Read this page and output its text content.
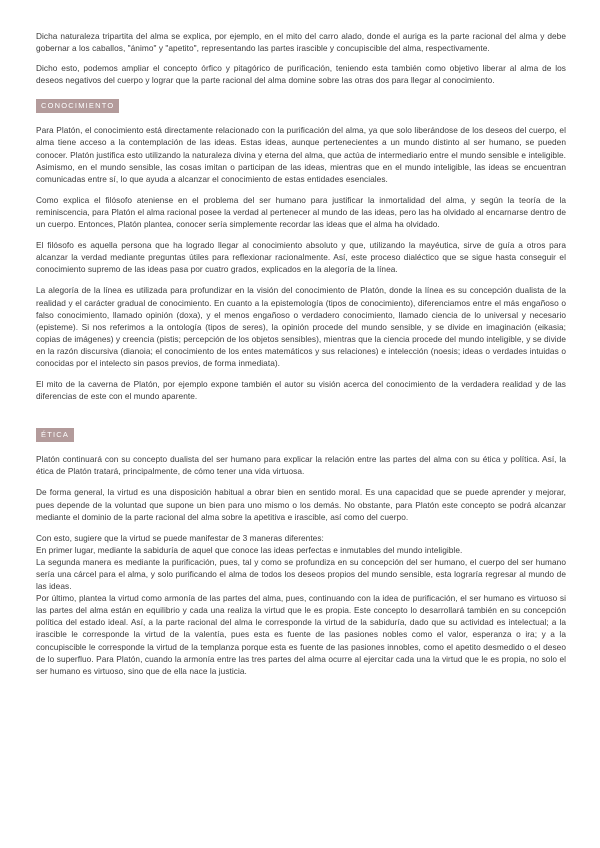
Dicha naturaleza tripartita del alma se explica, por ejemplo, en el mito del carro alado, donde el auriga es la parte racional del alma y debe gobernar a los caballos, "ánimo" y "apetito", representando las partes irascible y concupiscible del alma, respectivamente.

Dicho esto, podemos ampliar el concepto órfico y pitagórico de purificación, teniendo esta también como objetivo liberar al alma de los deseos negativos del cuerpo y lograr que la parte racional del alma domine sobre las otras dos para llegar al conocimiento.

CONOCIMIENTO

Para Platón, el conocimiento está directamente relacionado con la purificación del alma, ya que solo liberándose de los deseos del cuerpo, el alma tiene acceso a la contemplación de las ideas. Estas ideas, aunque pertenecientes a un mundo distinto al ser humano, se pueden conocer. Platón justifica esto utilizando la naturaleza divina y eterna del alma, que actúa de intermediario entre el mundo sensible e inteligible. Asimismo, en el mundo sensible, las cosas imitan o participan de las ideas, mientras que en el mundo inteligible, las ideas se encuentran comunicadas entre sí, lo que ayuda a alcanzar el conocimiento de estas entidades esenciales.

Como explica el filósofo ateniense en el problema del ser humano para justificar la inmortalidad del alma, y según la teoría de la reminiscencia, para Platón el alma racional posee la verdad al pertenecer al mundo de las ideas, pero las ha olvidado al encarnarse dentro de un cuerpo. Entonces, Platón plantea, conocer sería simplemente recordar las ideas que el alma ha olvidado.

El filósofo es aquella persona que ha logrado llegar al conocimiento absoluto y que, utilizando la mayéutica, sirve de guía a otros para alcanzar la verdad mediante preguntas útiles para reflexionar racionalmente. Así, este proceso dialéctico que se sigue hasta conseguir el conocimiento supremo de las ideas pasa por cuatro grados, explicados en la alegoría de la línea.

La alegoría de la línea es utilizada para profundizar en la visión del conocimiento de Platón, donde la línea es su concepción dualista de la realidad y el carácter gradual de conocimiento. En cuanto a la epistemología (tipos de conocimiento), diferenciamos entre el más engañoso o falso conocimiento, llamado opinión (doxa), y el menos engañoso o verdadero conocimiento, llamado ciencia de lo universal y necesario (episteme). Si nos referimos a la ontología (tipos de seres), la opinión procede del mundo sensible, y se divide en imaginación (eikasia; copias de imágenes) y creencia (pistis; percepción de los objetos sensibles), mientras que la ciencia procede del mundo inteligible, y se divide en la razón discursiva (dianoia; el conocimiento de los entes matemáticos y sus relaciones) e intelección (noesis; ideas o verdades intuidas o conocidas por el intelecto sin pasos previos, de forma inmediata).

El mito de la caverna de Platón, por ejemplo expone también el autor su visión acerca del conocimiento de la verdadera realidad y de las diferencias de este con el mundo aparente.

ÉTICA

Platón continuará con su concepto dualista del ser humano para explicar la relación entre las partes del alma con su ética y política. Así, la ética de Platón tratará, principalmente, de cómo tener una vida virtuosa.

De forma general, la virtud es una disposición habitual a obrar bien en sentido moral. Es una capacidad que se puede aprender y mejorar, pues depende de la voluntad que supone un bien para uno mismo o los demás. No obstante, para Platón este concepto se podrá alcanzar mediante el dominio de la parte racional del alma sobre la apetitiva e irascible, así como del cuerpo.

Con esto, sugiere que la virtud se puede manifestar de 3 maneras diferentes:

En primer lugar, mediante la sabiduría de aquel que conoce las ideas perfectas e inmutables del mundo inteligible.

La segunda manera es mediante la purificación, pues, tal y como se profundiza en su concepción del ser humano, el cuerpo del ser humano sería una cárcel para el alma, y solo purificando el alma de todos los deseos propios del mundo sensible, esta lograría regresar al mundo de las ideas.

Por último, plantea la virtud como armonía de las partes del alma, pues, continuando con la idea de purificación, el ser humano es virtuoso si las partes del alma están en equilibrio y cada una realiza la virtud que le es propia. Este concepto lo desarrollará también en su concepción política del estado ideal. Así, a la parte racional del alma le corresponde la virtud de la sabiduría, dado que su actividad es intelectual; a la irascible le corresponde la virtud de la valentía, pues esta es fuente de las pasiones nobles como el valor, esperanza o ira; y a la concupiscible le corresponde la virtud de la templanza porque esta es fuente de las pasiones innobles, como el apetito desmedido o el deseo de lo superfluo. Para Platón, cuando la armonía entre las tres partes del alma ocurre al ejercitar cada una la virtud que le es propia, no solo el ser humano es virtuoso, sino que de ella nace la justicia.
